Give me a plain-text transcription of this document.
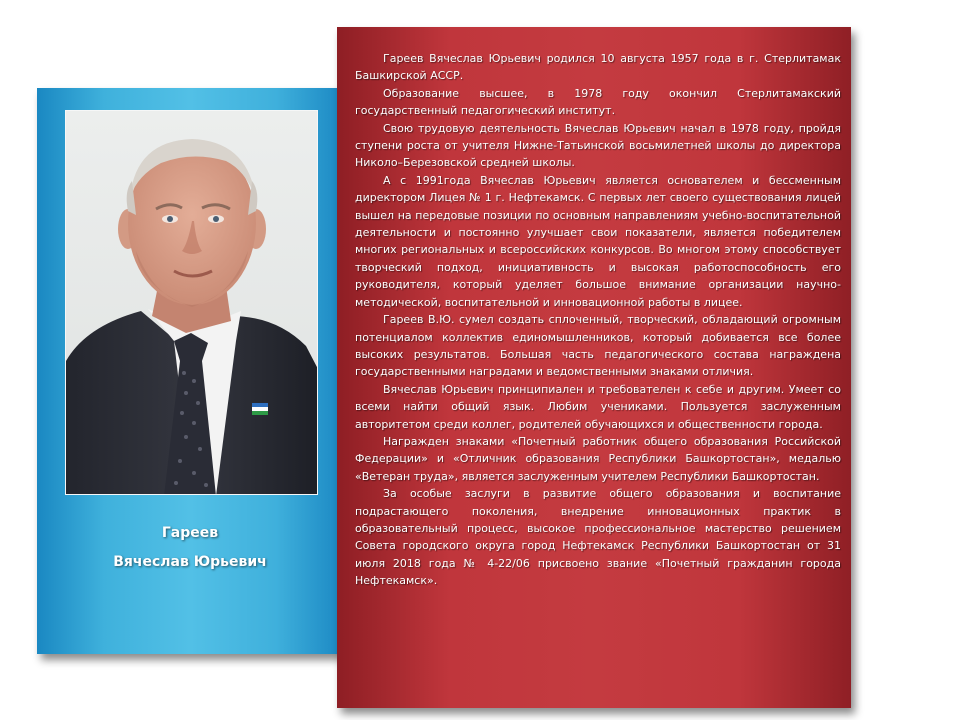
Гареев
Вячеслав Юрьевич

Гареев Вячеслав Юрьевич родился 10 августа 1957 года в г. Стерлитамак Башкирской АССР.

Образование высшее, в 1978 году окончил Стерлитамакский государственный педагогический институт.

Свою трудовую деятельность Вячеслав Юрьевич начал в 1978 году, пройдя ступени роста от учителя Нижне-Татьинской восьмилетней школы до директора Николо–Березовской средней школы.

А с 1991года Вячеслав Юрьевич является основателем и бессменным директором Лицея № 1 г. Нефтекамск. С первых лет своего существования лицей вышел на передовые позиции по основным направлениям учебно-воспитательной деятельности и постоянно улучшает свои показатели, является победителем многих региональных и всероссийских конкурсов. Во многом этому способствует творческий подход, инициативность и высокая работоспособность его руководителя, который уделяет большое внимание организации научно-методической, воспитательной и инновационной работы в лицее.

Гареев В.Ю. сумел создать сплоченный, творческий, обладающий огромным потенциалом коллектив единомышленников, который добивается все более высоких результатов. Большая часть педагогического состава награждена государственными наградами и ведомственными знаками отличия.

Вячеслав Юрьевич принципиален и требователен к себе и другим. Умеет со всеми найти общий язык. Любим учениками. Пользуется заслуженным авторитетом среди коллег, родителей обучающихся и общественности города.

Награжден знаками «Почетный работник общего образования Российской Федерации» и «Отличник образования Республики Башкортостан», медалью «Ветеран труда», является заслуженным учителем Республики Башкортостан.

За особые заслуги в развитие общего образования и воспитание подрастающего поколения, внедрение инновационных практик в образовательный процесс, высокое профессиональное мастерство решением Совета городского округа город Нефтекамск Республики Башкортостан от 31 июля 2018 года № 4-22/06 присвоено звание «Почетный гражданин города Нефтекамск».
